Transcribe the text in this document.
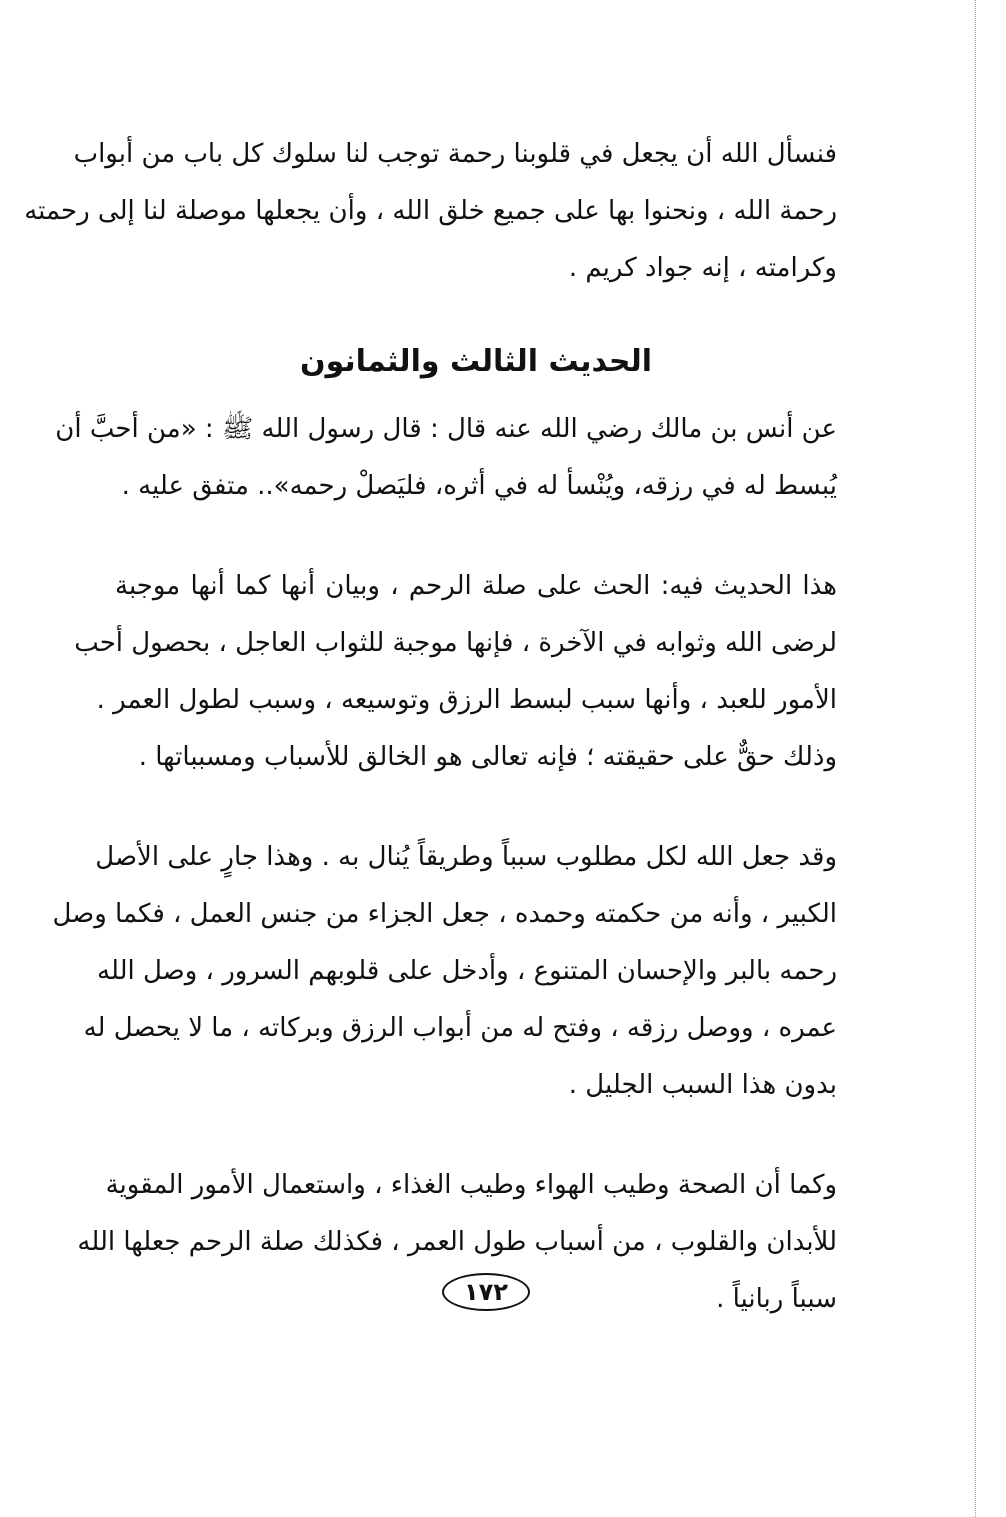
فنسأل الله أن يجعل في قلوبنا رحمة توجب لنا سلوك كل باب من أبواب
رحمة الله ، ونحنوا بها على جميع خلق الله ، وأن يجعلها موصلة لنا إلى رحمته
وكرامته ، إنه جواد كريم .

الحديث الثالث والثمانون

عن أنس بن مالك رضي الله عنه قال : قال رسول الله ﷺ : «من أحبَّ أن
يُبسط له في رزقه، ويُنْسأ له في أثره، فليَصلْ رحمه».. متفق عليه .

هذا الحديث فيه: الحث على صلة الرحم ، وبيان أنها كما أنها موجبة
لرضى الله وثوابه في الآخرة ، فإنها موجبة للثواب العاجل ، بحصول أحب
الأمور للعبد ، وأنها سبب لبسط الرزق وتوسيعه ، وسبب لطول العمر .
وذلك حقٌّ على حقيقته ؛ فإنه تعالى هو الخالق للأسباب ومسبباتها .

وقد جعل الله لكل مطلوب سبباً وطريقاً يُنال به . وهذا جارٍ على الأصل
الكبير ، وأنه من حكمته وحمده ، جعل الجزاء من جنس العمل ، فكما وصل
رحمه بالبر والإحسان المتنوع ، وأدخل على قلوبهم السرور ، وصل الله
عمره ، ووصل رزقه ، وفتح له من أبواب الرزق وبركاته ، ما لا يحصل له
بدون هذا السبب الجليل .

وكما أن الصحة وطيب الهواء وطيب الغذاء ، واستعمال الأمور المقوية
للأبدان والقلوب ، من أسباب طول العمر ، فكذلك صلة الرحم جعلها الله
سبباً ربانياً .

١٧٢
